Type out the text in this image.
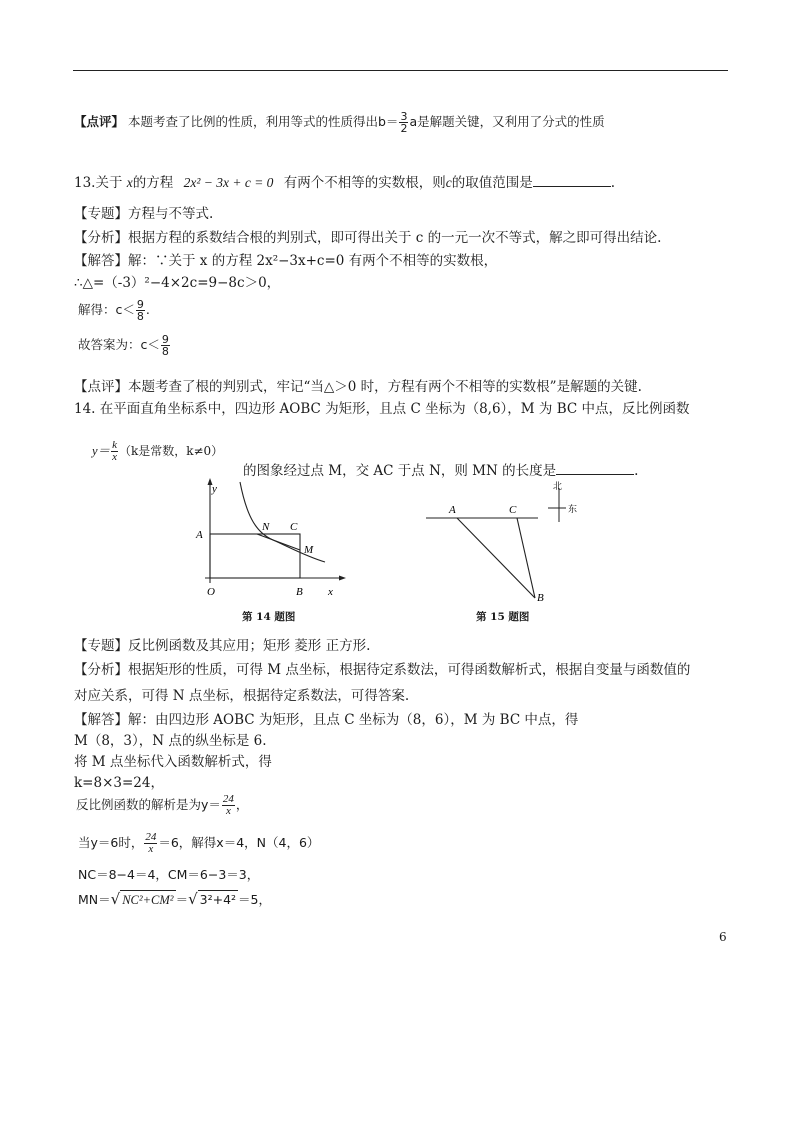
【点评】 本题考查了比例的性质，利用等式的性质得出$b= \frac{3}{2}$ a是解题关键，又利用了分式的性质
13.关于 x的方程 2x² − 3x + c = 0 有两个不相等的实数根，则c的取值范围是	.
【专题】方程与不等式.
【分析】根据方程的系数结合根的判别式，即可得出关于 c 的一元一次不等式，解之即可得出结论.
【解答】解：∵关于 x 的方程 2x²−3x+c=0 有两个不相等的实数根，
∴△=（-3）²−4×2c=9−8c＞0，
解得：$c< \frac{9}{8}$ .
故答案为：$c< \frac{9}{8}$
【点评】本题考查了根的判别式，牢记“当△＞0 时，方程有两个不相等的实数根”是解题的关键.
14. 在平面直角坐标系中，四边形 AOBC 为矩形，且点 C 坐标为（8,6），M 为 BC 中点，反比例函数
$y= \frac{k}{x} (k$是常数，k≠0）
的图象经过点 M，交 AC 于点 N，则 MN 的长度是	.
y
A
O
N C
M
B x
第 14 题图
A	C
B
北
东
第 15 题图
【专题】反比例函数及其应用；矩形 菱形 正方形.
【分析】根据矩形的性质，可得 M 点坐标，根据待定系数法，可得函数解析式，根据自变量与函数值的
对应关系，可得 N 点坐标，根据待定系数法，可得答案.
【解答】解：由四边形 AOBC 为矩形，且点 C 坐标为（8，6），M 为 BC 中点，得
M（8，3），N 点的纵坐标是 6.
将 M 点坐标代入函数解析式，得
k=8×3=24，
反比例函数的解析是为$y= \frac{24}{x}$ ，
当y＝6时， $\frac{24}{x} =6$，解得x＝4，N（4，6）
NC＝8−4＝4，CM＝6−3＝3，
MN＝√ NC²+CM² ＝√ 3²+4² ＝5，
6
